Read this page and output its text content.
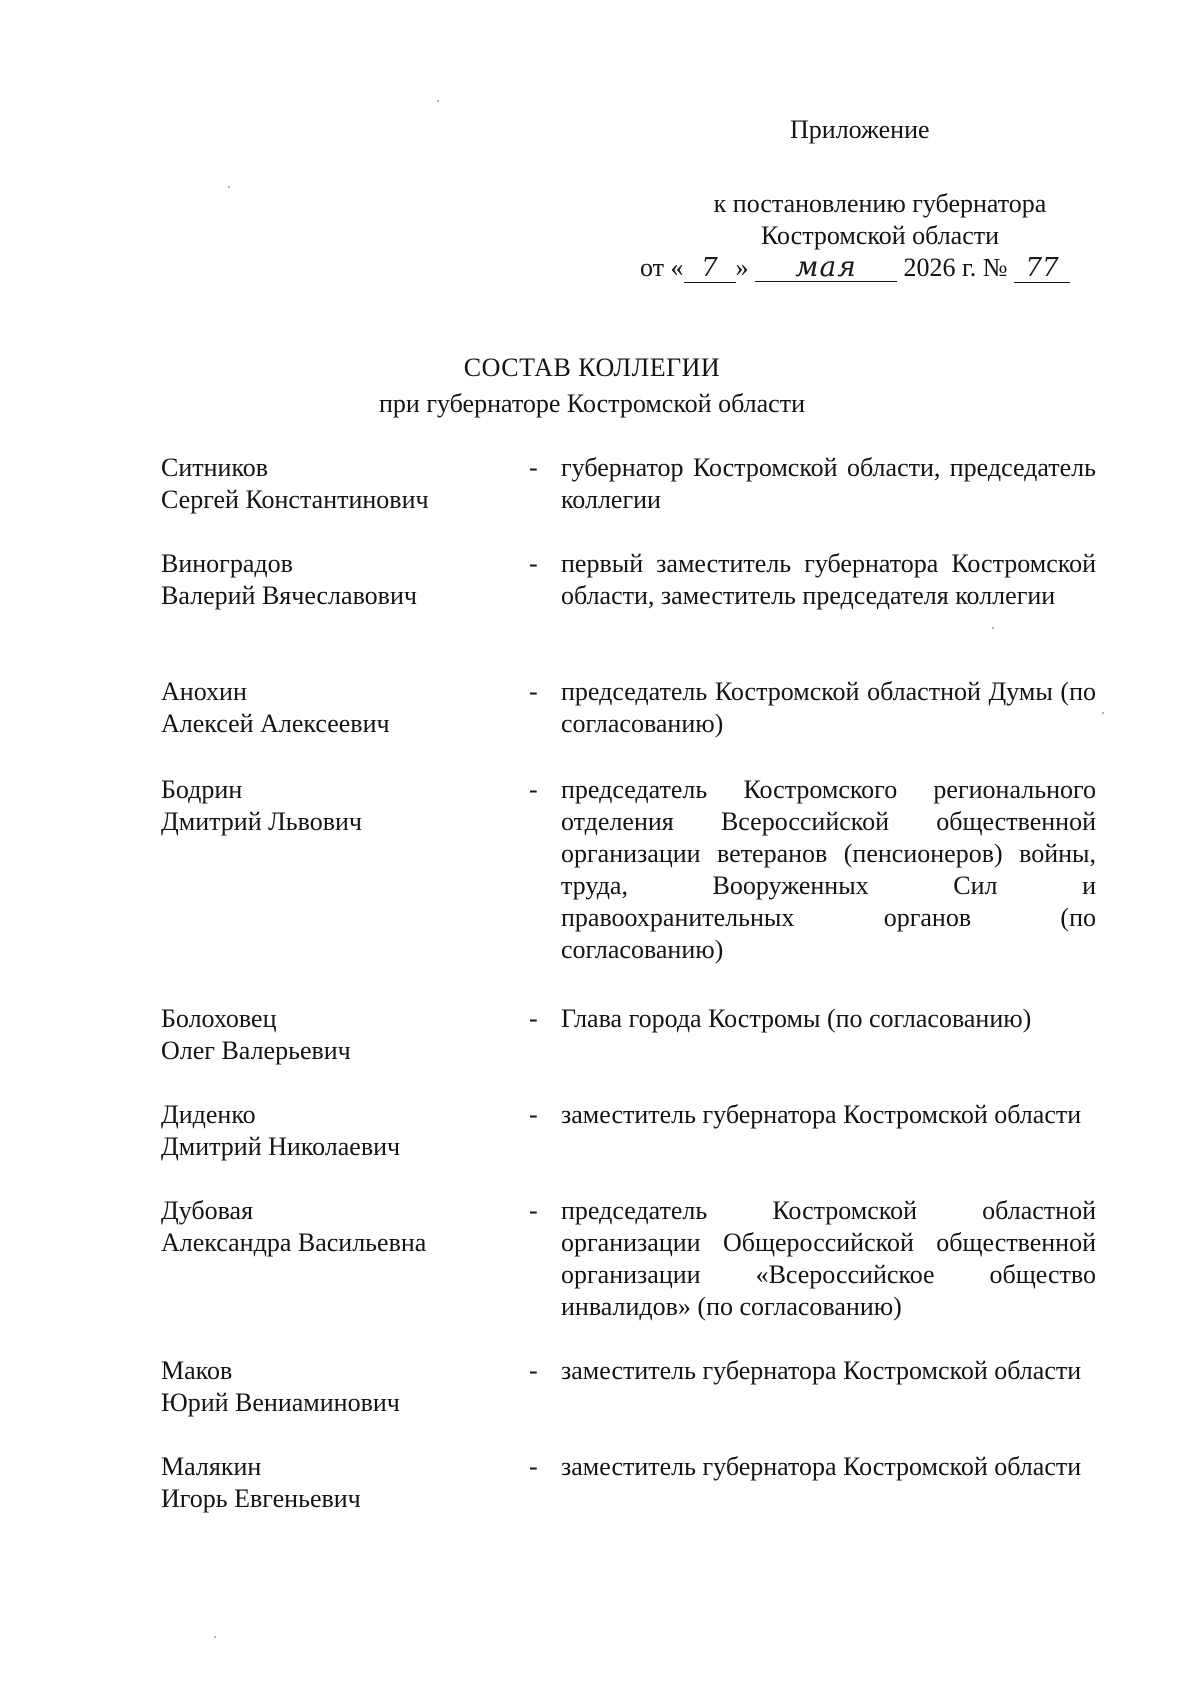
Приложение
к постановлению губернатора
Костромской области
от « 7 » мая 2026 г. № 77
СОСТАВ КОЛЛЕГИИ
при губернаторе Костромской области
Ситников
Сергей Константинович
- губернатор Костромской области, председатель коллегии
Виноградов
Валерий Вячеславович
- первый заместитель губернатора Костромской области, заместитель председателя коллегии
Анохин
Алексей Алексеевич
- председатель Костромской областной Думы (по согласованию)
Бодрин
Дмитрий Львович
- председатель Костромского регионального отделения Всероссийской общественной организации ветеранов (пенсионеров) войны, труда, Вооруженных Сил и правоохранительных органов (по согласованию)
Болоховец
Олег Валерьевич
- Глава города Костромы (по согласованию)
Диденко
Дмитрий Николаевич
- заместитель губернатора Костромской области
Дубовая
Александра Васильевна
- председатель Костромской областной организации Общероссийской общественной организации «Всероссийское общество инвалидов» (по согласованию)
Маков
Юрий Вениаминович
- заместитель губернатора Костромской области
Малякин
Игорь Евгеньевич
- заместитель губернатора Костромской области
